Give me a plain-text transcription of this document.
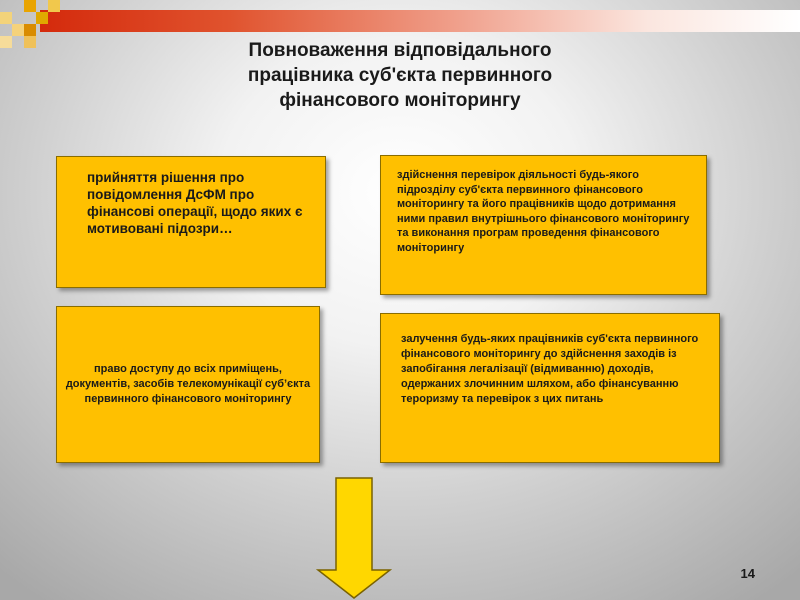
Повноваження відповідального
працівника суб'єкта первинного
фінансового моніторингу
прийняття рішення про повідомлення ДсФМ про фінансові операції, щодо яких є мотивовані підозри…
здійснення перевірок діяльності будь-якого підрозділу суб'єкта первинного фінансового моніторингу та його працівників щодо дотримання ними правил внутрішнього фінансового моніторингу та виконання програм проведення фінансового моніторингу
право доступу до всіх приміщень, документів, засобів телекомунікації суб’єкта первинного фінансового моніторингу
залучення будь-яких працівників суб'єкта первинного фінансового моніторингу до здійснення заходів із запобігання легалізації (відмиванню) доходів, одержаних злочинним шляхом, або фінансуванню тероризму та перевірок з цих питань
14
